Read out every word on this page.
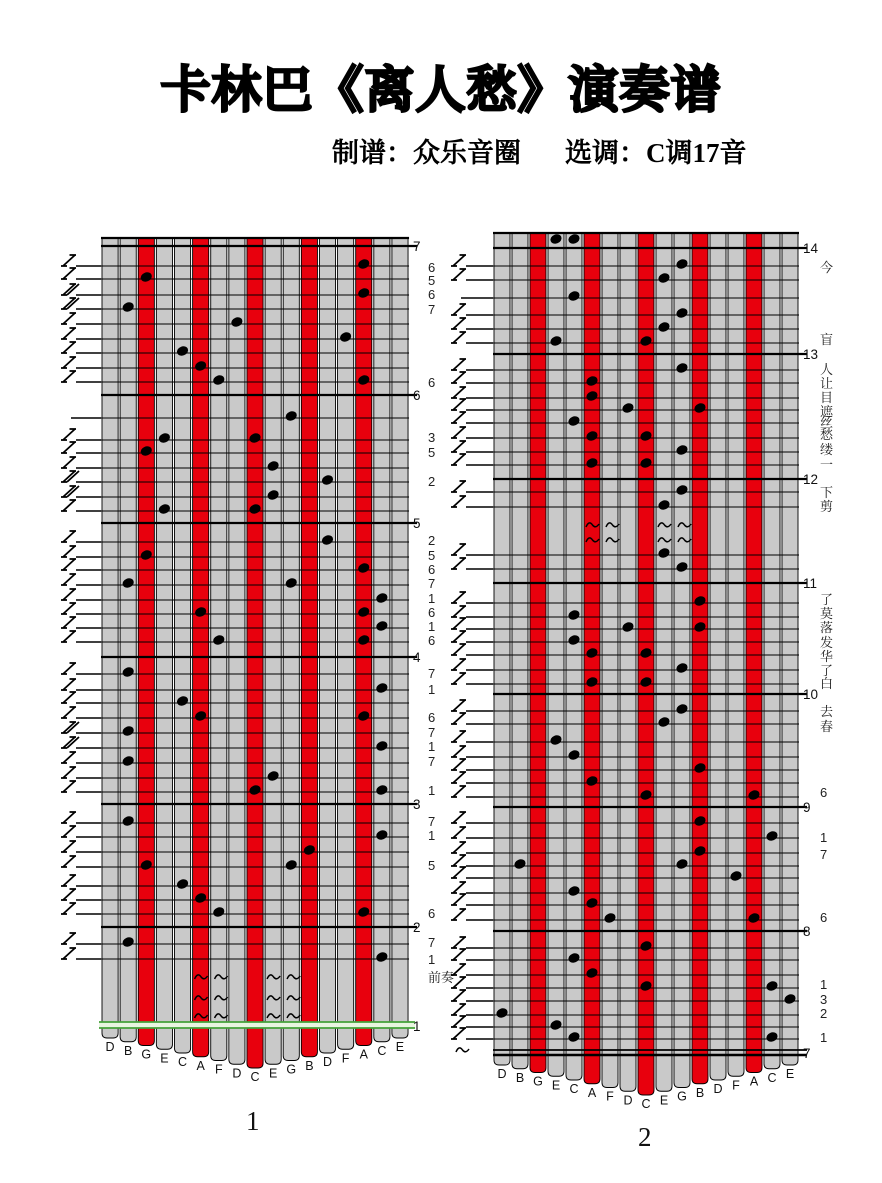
卡林巴《离人愁》演奏谱
制谱：众乐音圈 选调：C调17音
7
6
5
4
3
2
1
D B G E C A F D C E G B D F A C E
6
5
6
7
6
3
5
2
2
5
6
7
1
6
1
6
7
1
6
7
1
7
1
7
1
5
6
7
1
前奏
14
13
12
11
10
9
8
7
D B G E C A F D C E G B D F A C E
今
盲
人
让
目
遮
丝
愁
缕
一
下
剪
了
莫
落
发
华
了
白
去
春
6
1
7
6
1
3
2
1
1
2
